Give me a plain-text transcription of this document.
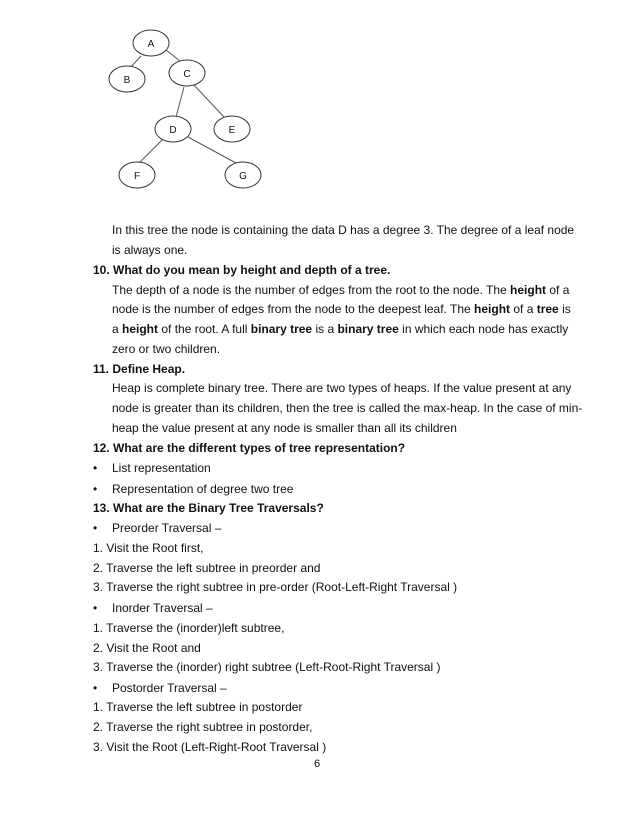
A
B
C
D	E
F	G
In this tree the node is containing the data D has a degree 3. The degree of a leaf node
is always one.
10. What do you mean by height and depth of a tree.
The depth of a node is the number of edges from the root to the node. The height of a
node is the number of edges from the node to the deepest leaf. The height of a tree is
a height of the root. A full binary tree is a binary tree in which each node has exactly
zero or two children.
11. Define Heap.
Heap is complete binary tree. There are two types of heaps. If the value present at any
node is greater than its children, then the tree is called the max-heap. In the case of min-
heap the value present at any node is smaller than all its children
12. What are the different types of tree representation?
• List representation
• Representation of degree two tree
13. What are the Binary Tree Traversals?
• Preorder Traversal –
1. Visit the Root first,
2. Traverse the left subtree in preorder and
3. Traverse the right subtree in pre-order (Root-Left-Right Traversal )
• Inorder Traversal –
1. Traverse the (inorder)left subtree,
2. Visit the Root and
3. Traverse the (inorder) right subtree (Left-Root-Right Traversal )
• Postorder Traversal –
1. Traverse the left subtree in postorder
2. Traverse the right subtree in postorder,
3. Visit the Root (Left-Right-Root Traversal )
6
